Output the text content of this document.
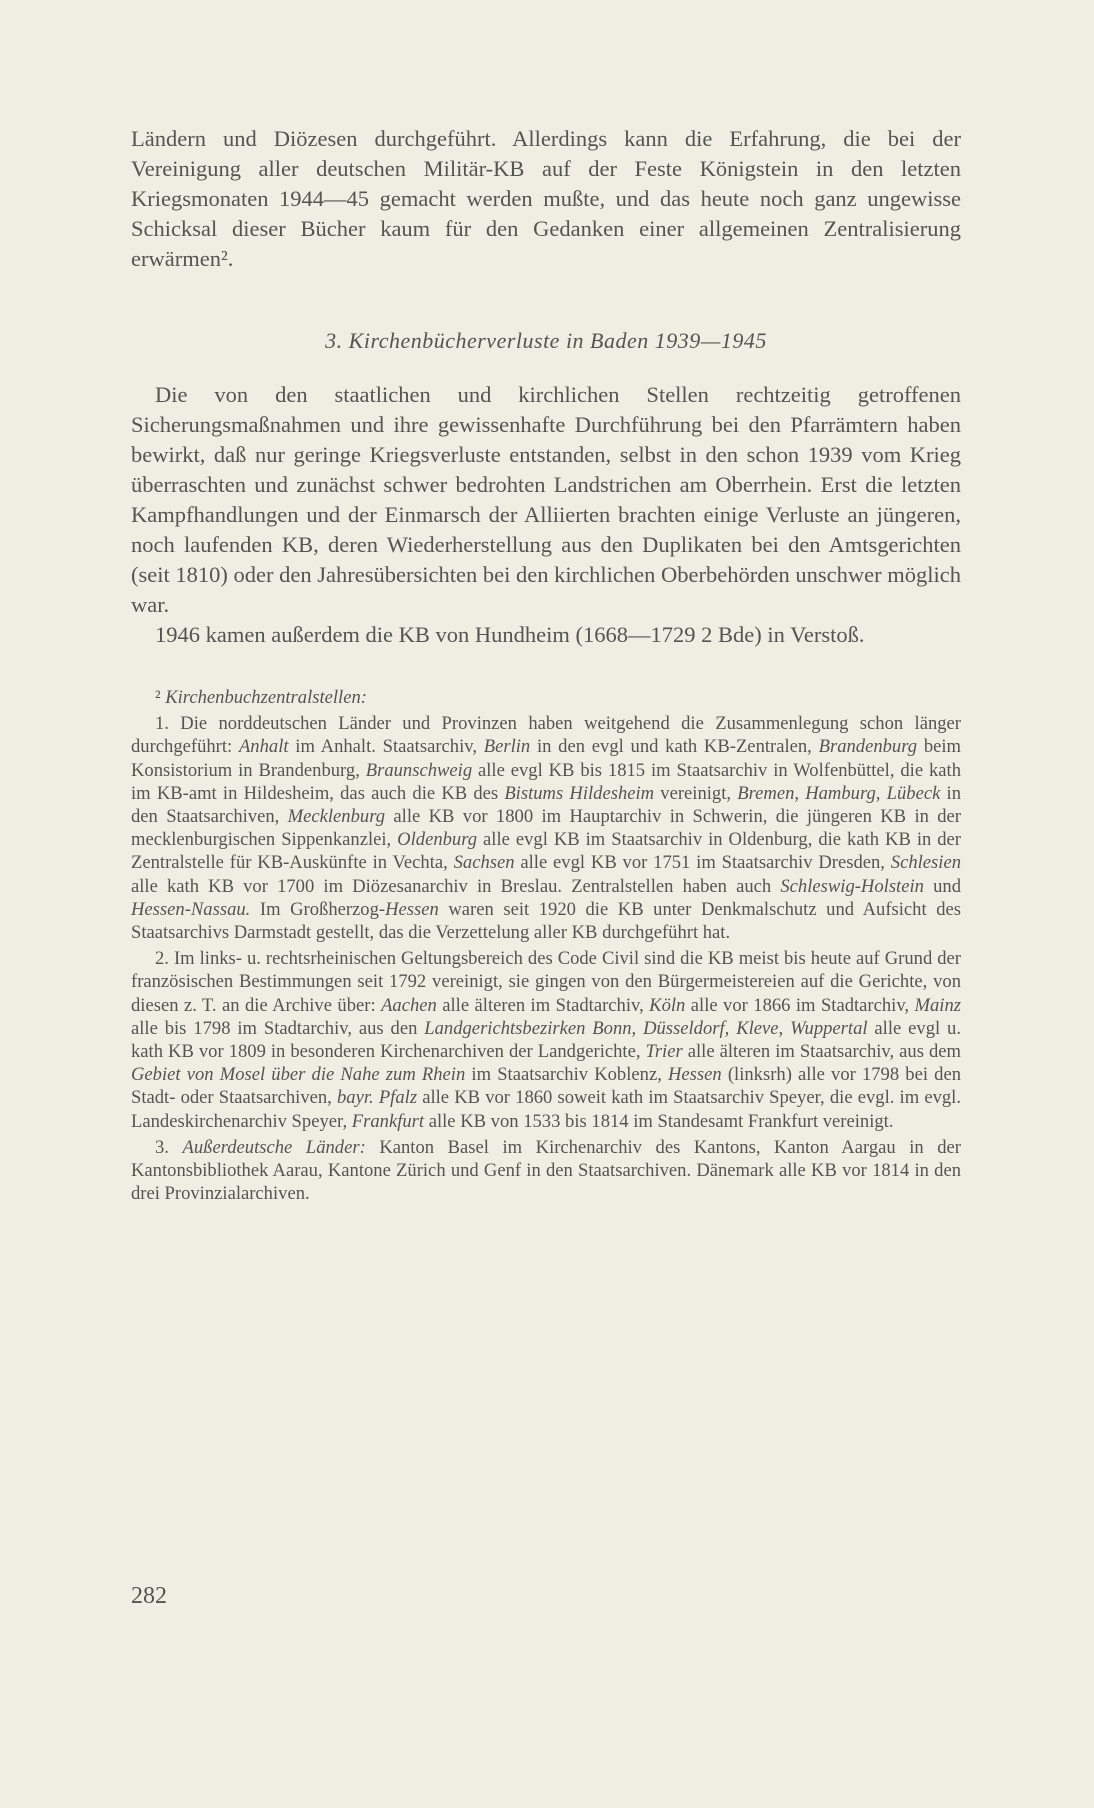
Ländern und Diözesen durchgeführt. Allerdings kann die Erfahrung, die bei der Vereinigung aller deutschen Militär-KB auf der Feste Königstein in den letzten Kriegsmonaten 1944—45 gemacht werden mußte, und das heute noch ganz ungewisse Schicksal dieser Bücher kaum für den Gedanken einer allgemeinen Zentralisierung erwärmen².

3. Kirchenbücherverluste in Baden 1939—1945

Die von den staatlichen und kirchlichen Stellen rechtzeitig getroffenen Sicherungsmaßnahmen und ihre gewissenhafte Durchführung bei den Pfarrämtern haben bewirkt, daß nur geringe Kriegsverluste entstanden, selbst in den schon 1939 vom Krieg überraschten und zunächst schwer bedrohten Landstrichen am Oberrhein. Erst die letzten Kampfhandlungen und der Einmarsch der Alliierten brachten einige Verluste an jüngeren, noch laufenden KB, deren Wiederherstellung aus den Duplikaten bei den Amtsgerichten (seit 1810) oder den Jahresübersichten bei den kirchlichen Oberbehörden unschwer möglich war.

1946 kamen außerdem die KB von Hundheim (1668—1729 2 Bde) in Verstoß.

² Kirchenbuchzentralstellen:

1. Die norddeutschen Länder und Provinzen haben weitgehend die Zusammenlegung schon länger durchgeführt: Anhalt im Anhalt. Staatsarchiv, Berlin in den evgl und kath KB-Zentralen, Brandenburg beim Konsistorium in Brandenburg, Braunschweig alle evgl KB bis 1815 im Staatsarchiv in Wolfenbüttel, die kath im KB-amt in Hildesheim, das auch die KB des Bistums Hildesheim vereinigt, Bremen, Hamburg, Lübeck in den Staatsarchiven, Mecklenburg alle KB vor 1800 im Hauptarchiv in Schwerin, die jüngeren KB in der mecklenburgischen Sippenkanzlei, Oldenburg alle evgl KB im Staatsarchiv in Oldenburg, die kath KB in der Zentralstelle für KB-Auskünfte in Vechta, Sachsen alle evgl KB vor 1751 im Staatsarchiv Dresden, Schlesien alle kath KB vor 1700 im Diözesanarchiv in Breslau. Zentralstellen haben auch Schleswig-Holstein und Hessen-Nassau. Im Großherzog-Hessen waren seit 1920 die KB unter Denkmalschutz und Aufsicht des Staatsarchivs Darmstadt gestellt, das die Verzettelung aller KB durchgeführt hat.

2. Im links- u. rechtsrheinischen Geltungsbereich des Code Civil sind die KB meist bis heute auf Grund der französischen Bestimmungen seit 1792 vereinigt, sie gingen von den Bürgermeistereien auf die Gerichte, von diesen z. T. an die Archive über: Aachen alle älteren im Stadtarchiv, Köln alle vor 1866 im Stadtarchiv, Mainz alle bis 1798 im Stadtarchiv, aus den Landgerichtsbezirken Bonn, Düsseldorf, Kleve, Wuppertal alle evgl u. kath KB vor 1809 in besonderen Kirchenarchiven der Landgerichte, Trier alle älteren im Staatsarchiv, aus dem Gebiet von Mosel über die Nahe zum Rhein im Staatsarchiv Koblenz, Hessen (linksrh) alle vor 1798 bei den Stadt- oder Staatsarchiven, bayr. Pfalz alle KB vor 1860 soweit kath im Staatsarchiv Speyer, die evgl. im evgl. Landeskirchenarchiv Speyer, Frankfurt alle KB von 1533 bis 1814 im Standesamt Frankfurt vereinigt.

3. Außerdeutsche Länder: Kanton Basel im Kirchenarchiv des Kantons, Kanton Aargau in der Kantonsbibliothek Aarau, Kantone Zürich und Genf in den Staatsarchiven. Dänemark alle KB vor 1814 in den drei Provinzialarchiven.

282
